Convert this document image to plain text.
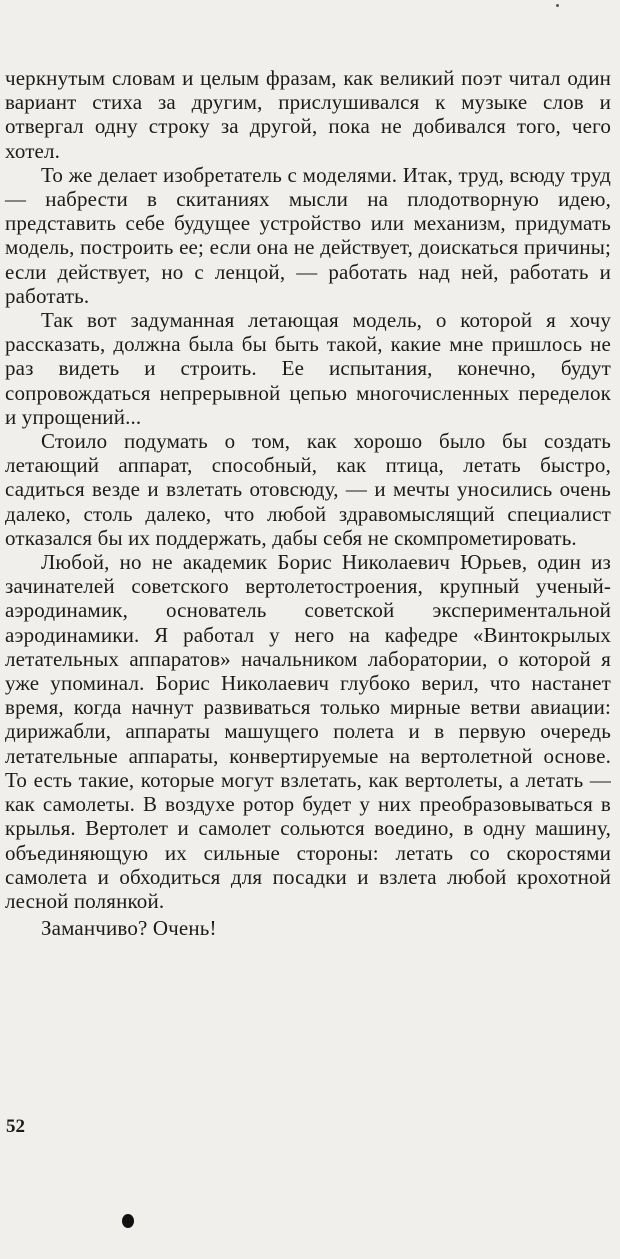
черкнутым словам и целым фразам, как великий поэт читал один вариант стиха за другим, прислушивался к музыке слов и отвергал одну строку за другой, пока не добивался того, чего хотел.

То же делает изобретатель с моделями. Итак, труд, всюду труд — набрести в скитаниях мысли на плодотворную идею, представить себе будущее устройство или механизм, придумать модель, построить ее; если она не действует, доискаться причины; если действует, но с ленцой, — работать над ней, работать и работать.

Так вот задуманная летающая модель, о которой я хочу рассказать, должна была бы быть такой, какие мне пришлось не раз видеть и строить. Ее испытания, конечно, будут сопровождаться непрерывной цепью многочисленных переделок и упрощений...

Стоило подумать о том, как хорошо было бы создать летающий аппарат, способный, как птица, летать быстро, садиться везде и взлетать отовсюду, — и мечты уносились очень далеко, столь далеко, что любой здравомыслящий специалист отказался бы их поддержать, дабы себя не скомпрометировать.

Любой, но не академик Борис Николаевич Юрьев, один из зачинателей советского вертолетостроения, крупный ученый-аэродинамик, основатель советской экспериментальной аэродинамики. Я работал у него на кафедре «Винтокрылых летательных аппаратов» начальником лаборатории, о которой я уже упоминал. Борис Николаевич глубоко верил, что настанет время, когда начнут развиваться только мирные ветви авиации: дирижабли, аппараты машущего полета и в первую очередь летательные аппараты, конвертируемые на вертолетной основе. То есть такие, которые могут взлетать, как вертолеты, а летать — как самолеты. В воздухе ротор будет у них преобразовываться в крылья. Вертолет и самолет сольются воедино, в одну машину, объединяющую их сильные стороны: летать со скоростями самолета и обходиться для посадки и взлета любой крохотной лесной полянкой.

Заманчиво? Очень!

52
